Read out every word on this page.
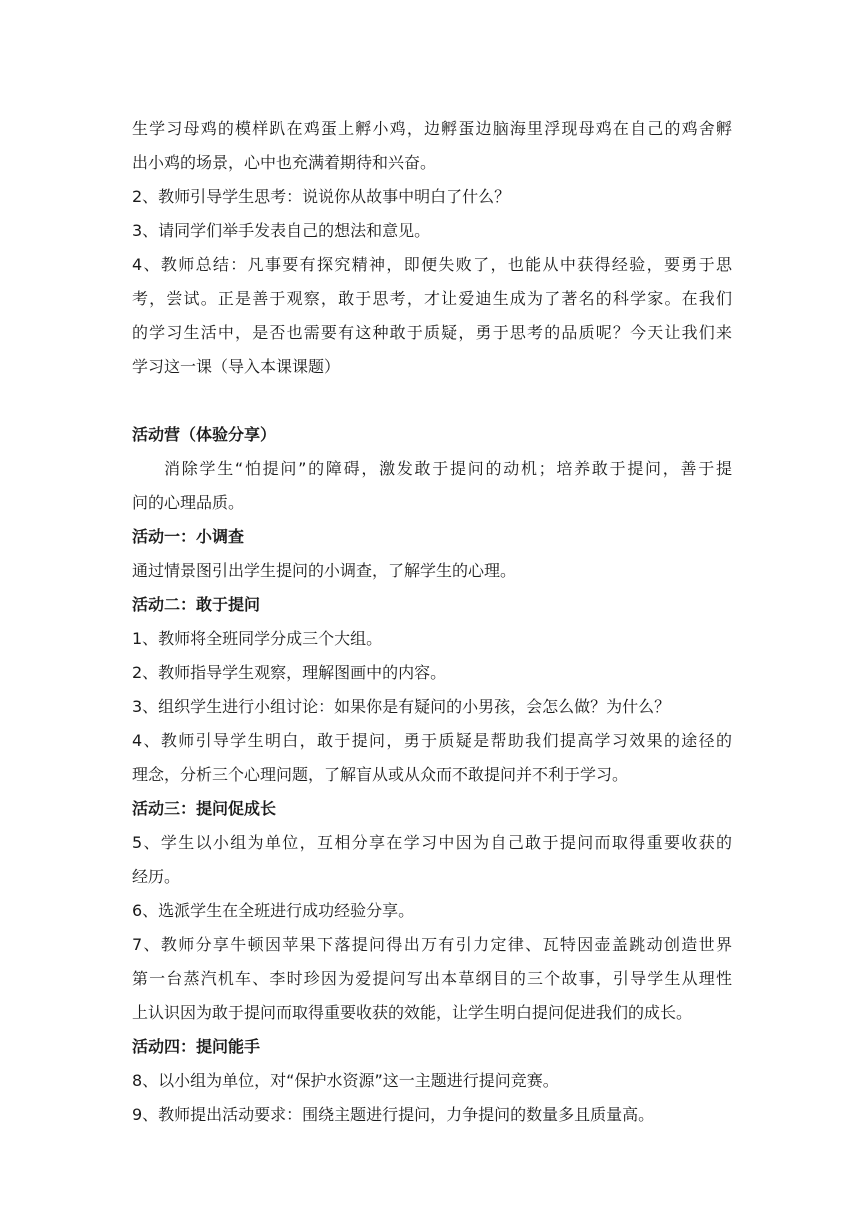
生学习母鸡的模样趴在鸡蛋上孵小鸡，边孵蛋边脑海里浮现母鸡在自己的鸡舍孵
出小鸡的场景，心中也充满着期待和兴奋。
2、教师引导学生思考：说说你从故事中明白了什么？
3、请同学们举手发表自己的想法和意见。
4、教师总结：凡事要有探究精神，即便失败了，也能从中获得经验，要勇于思
考，尝试。正是善于观察，敢于思考，才让爱迪生成为了著名的科学家。在我们
的学习生活中，是否也需要有这种敢于质疑，勇于思考的品质呢？今天让我们来
学习这一课（导入本课课题）
活动营（体验分享）
消除学生“怕提问”的障碍，激发敢于提问的动机；培养敢于提问，善于提
问的心理品质。
活动一：小调查
通过情景图引出学生提问的小调查，了解学生的心理。
活动二：敢于提问
1、教师将全班同学分成三个大组。
2、教师指导学生观察，理解图画中的内容。
3、组织学生进行小组讨论：如果你是有疑问的小男孩，会怎么做？为什么？
4、教师引导学生明白，敢于提问，勇于质疑是帮助我们提高学习效果的途径的
理念，分析三个心理问题，了解盲从或从众而不敢提问并不利于学习。
活动三：提问促成长
5、学生以小组为单位，互相分享在学习中因为自己敢于提问而取得重要收获的
经历。
6、选派学生在全班进行成功经验分享。
7、教师分享牛顿因苹果下落提问得出万有引力定律、瓦特因壶盖跳动创造世界
第一台蒸汽机车、李时珍因为爱提问写出本草纲目的三个故事，引导学生从理性
上认识因为敢于提问而取得重要收获的效能，让学生明白提问促进我们的成长。
活动四：提问能手
8、以小组为单位，对“保护水资源”这一主题进行提问竞赛。
9、教师提出活动要求：围绕主题进行提问，力争提问的数量多且质量高。
